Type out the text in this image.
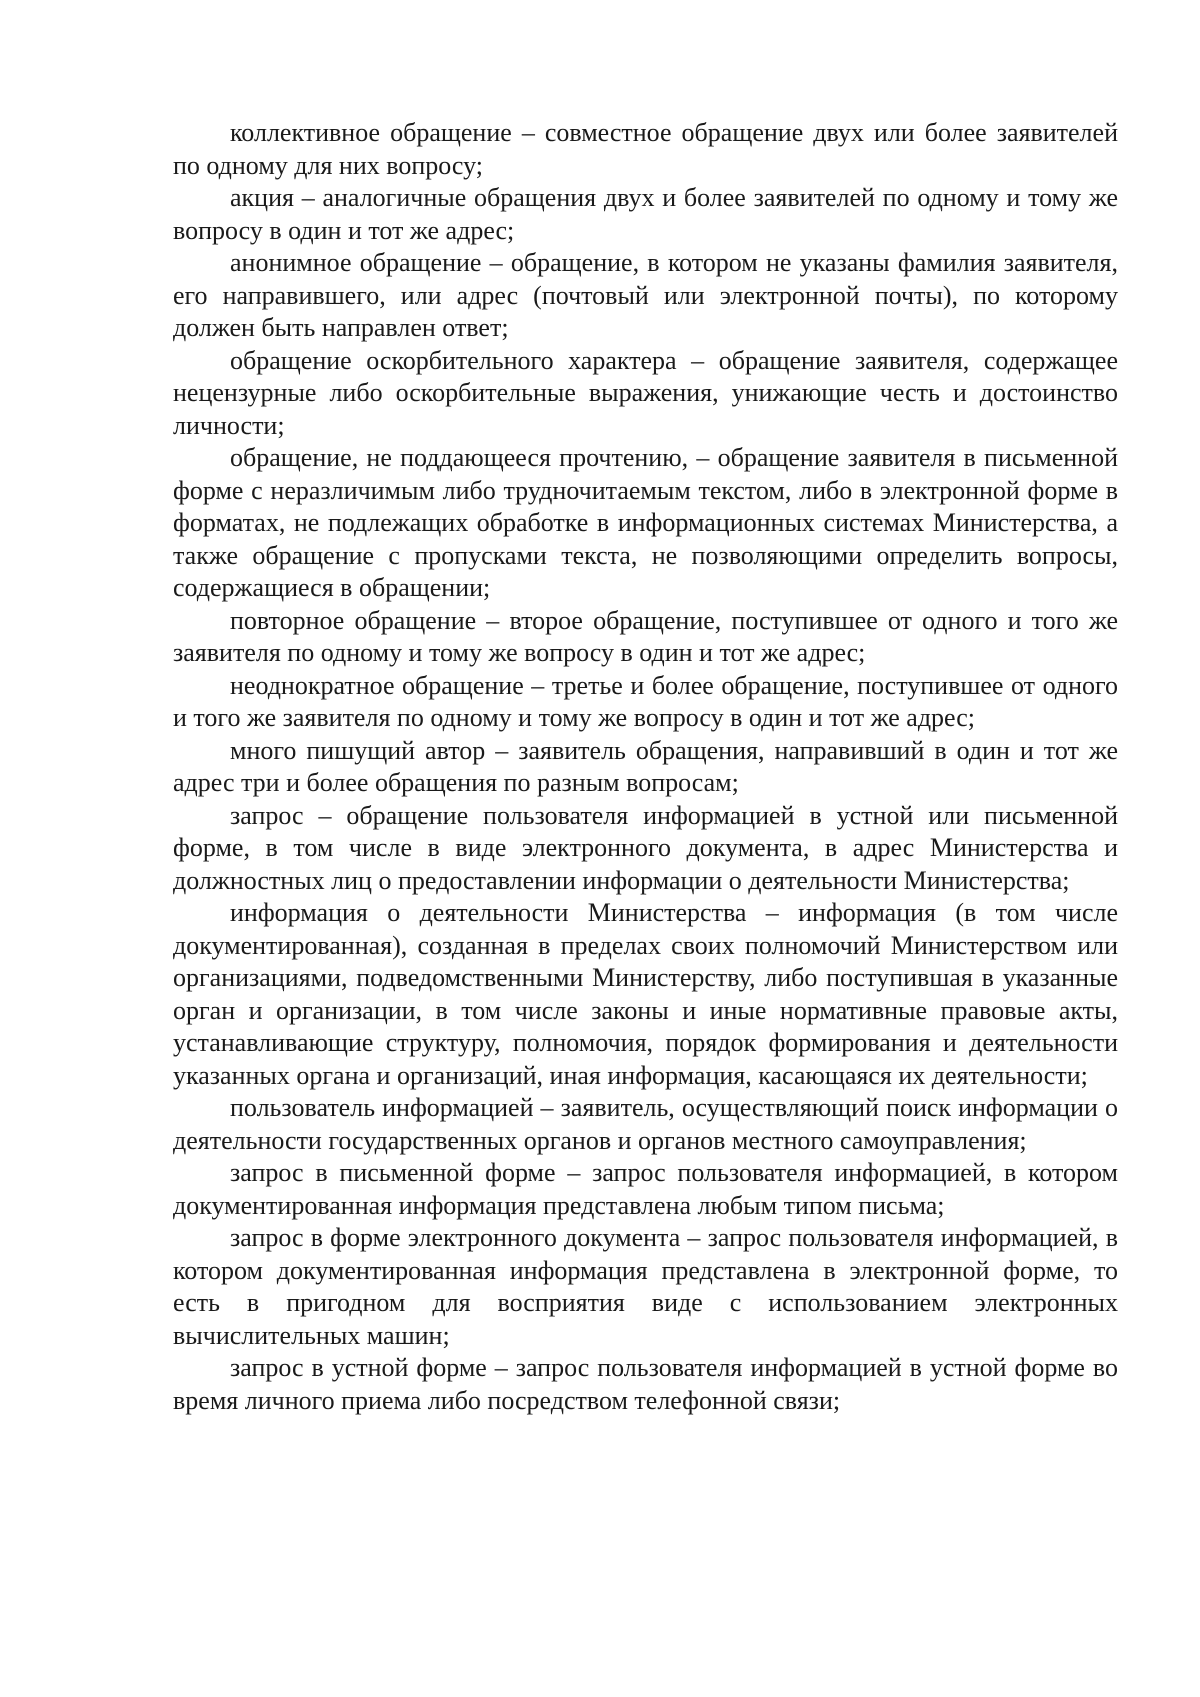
коллективное обращение – совместное обращение двух или более заявителей по одному для них вопросу;

акция – аналогичные обращения двух и более заявителей по одному и тому же вопросу в один и тот же адрес;

анонимное обращение – обращение, в котором не указаны фамилия заявителя, его направившего, или адрес (почтовый или электронной почты), по которому должен быть направлен ответ;

обращение оскорбительного характера – обращение заявителя, содержащее нецензурные либо оскорбительные выражения, унижающие честь и достоинство личности;

обращение, не поддающееся прочтению, – обращение заявителя в письменной форме с неразличимым либо трудночитаемым текстом, либо в электронной форме в форматах, не подлежащих обработке в информационных системах Министерства, а также обращение с пропусками текста, не позволяющими определить вопросы, содержащиеся в обращении;

повторное обращение – второе обращение, поступившее от одного и того же заявителя по одному и тому же вопросу в один и тот же адрес;

неоднократное обращение – третье и более обращение, поступившее от одного и того же заявителя по одному и тому же вопросу в один и тот же адрес;

много пишущий автор – заявитель обращения, направивший в один и тот же адрес три и более обращения по разным вопросам;

запрос – обращение пользователя информацией в устной или письменной форме, в том числе в виде электронного документа, в адрес Министерства и должностных лиц о предоставлении информации о деятельности Министерства;

информация о деятельности Министерства – информация (в том числе документированная), созданная в пределах своих полномочий Министерством или организациями, подведомственными Министерству, либо поступившая в указанные орган и организации, в том числе законы и иные нормативные правовые акты, устанавливающие структуру, полномочия, порядок формирования и деятельности указанных органа и организаций, иная информация, касающаяся их деятельности;

пользователь информацией – заявитель, осуществляющий поиск информации о деятельности государственных органов и органов местного самоуправления;

запрос в письменной форме – запрос пользователя информацией, в котором документированная информация представлена любым типом письма;

запрос в форме электронного документа – запрос пользователя информацией, в котором документированная информация представлена в электронной форме, то есть в пригодном для восприятия виде с использованием электронных вычислительных машин;

запрос в устной форме – запрос пользователя информацией в устной форме во время личного приема либо посредством телефонной связи;
